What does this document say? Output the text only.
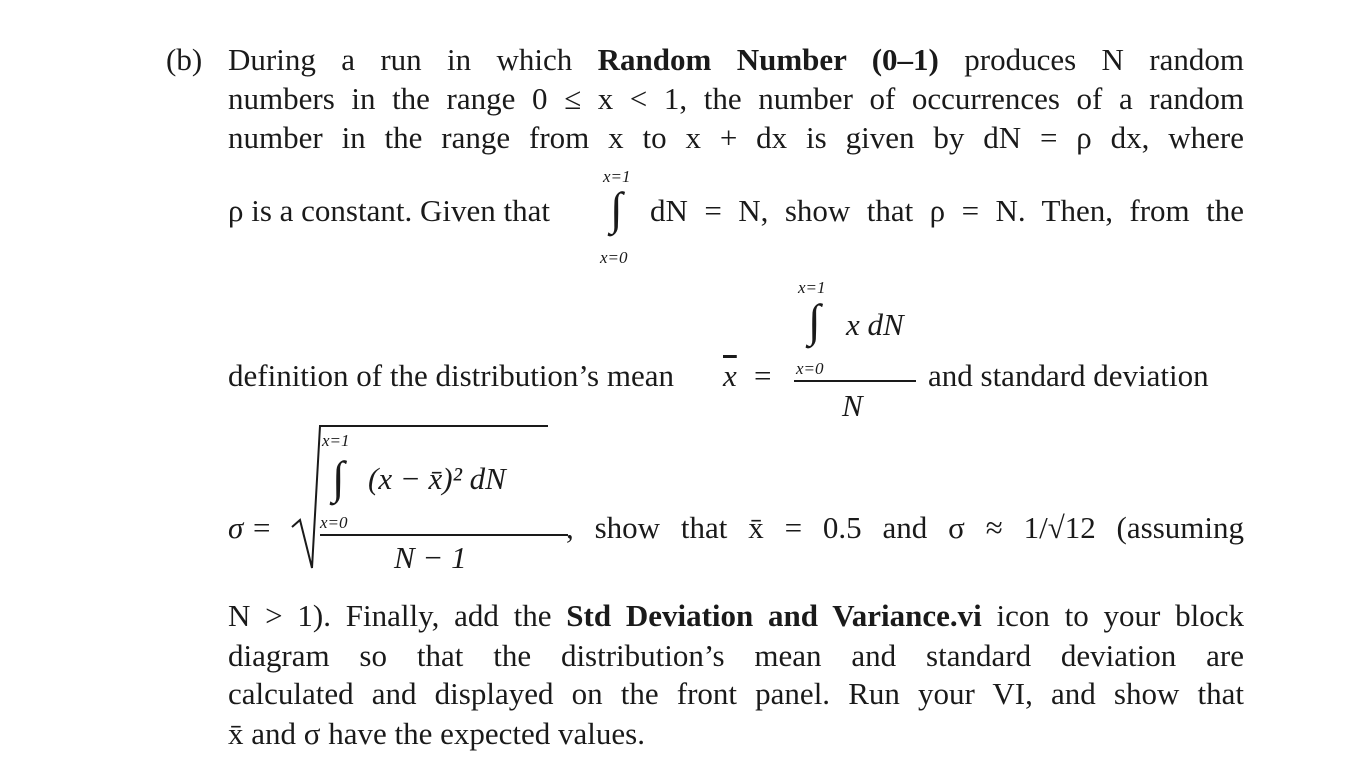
(b) During a run in which Random Number (0–1) produces N random
numbers in the range 0 ≤ x < 1, the number of occurrences of a random
number in the range from x to x + dx is given by dN = ρ dx, where
x=1
x=0
ρ is a constant. Given that ∫ dN = N, show that ρ = N. Then, from the
x=1
∫ x dN
x=0
N
definition of the distribution’s mean $\overline{x}$ =	and standard deviation
x=1
∫ (x − x̄)² dN
x=0
N − 1
σ =	, show that x̄ = 0.5 and σ ≈ 1/√12 (assuming
N > 1). Finally, add the Std Deviation and Variance.vi icon to your block
diagram so that the distribution’s mean and standard deviation are
calculated and displayed on the front panel. Run your VI, and show that
x̄ and σ have the expected values.
